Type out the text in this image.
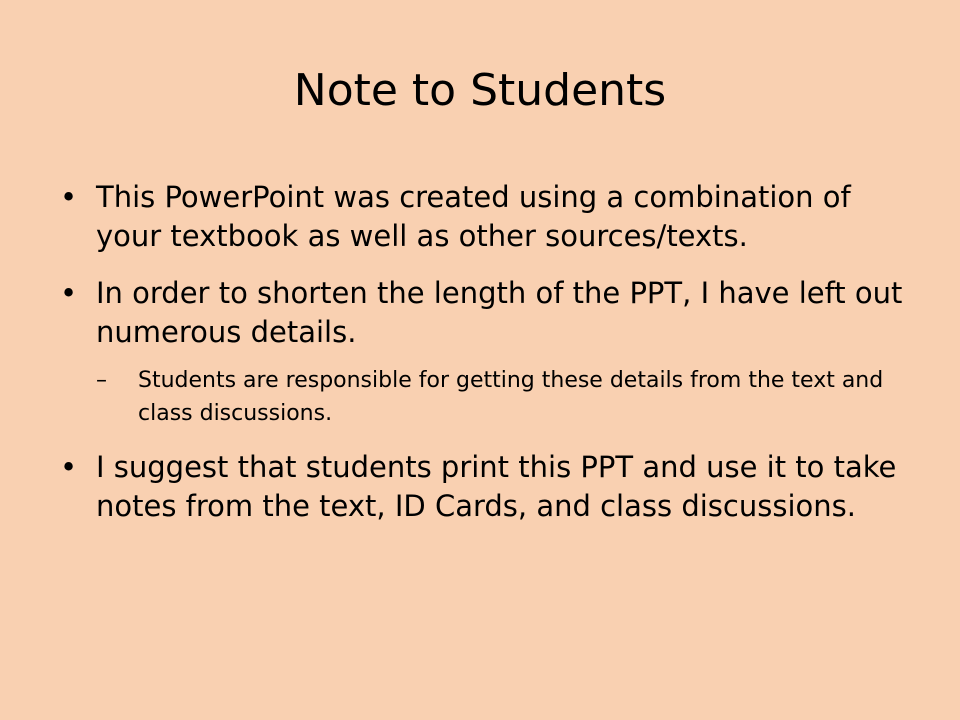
Note to Students
• This PowerPoint was created using a combination of your textbook as well as other sources/texts.
• In order to shorten the length of the PPT, I have left out numerous details.
–	Students are responsible for getting these details from the text and class discussions.
• I suggest that students print this PPT and use it to take notes from the text, ID Cards, and class discussions.
